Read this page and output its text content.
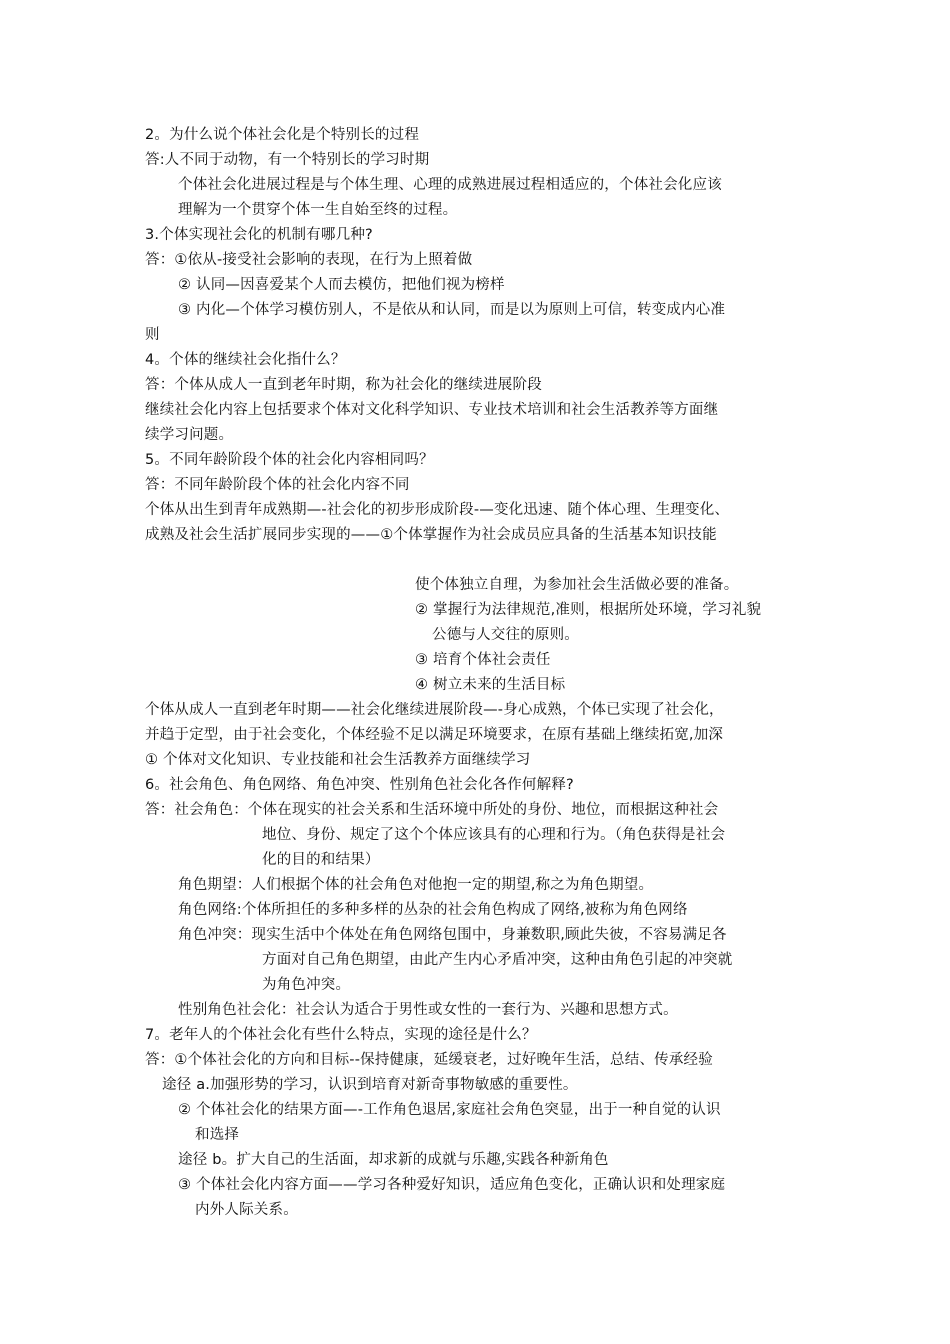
2。为什么说个体社会化是个特别长的过程
答:人不同于动物，有一个特别长的学习时期
个体社会化进展过程是与个体生理、心理的成熟进展过程相适应的，个体社会化应该
理解为一个贯穿个体一生自始至终的过程。
3.个体实现社会化的机制有哪几种?
答：①依从-接受社会影响的表现，在行为上照着做
② 认同—因喜爱某个人而去模仿，把他们视为榜样
③ 内化—个体学习模仿别人，不是依从和认同，而是以为原则上可信，转变成内心准
则
4。个体的继续社会化指什么？
答：个体从成人一直到老年时期，称为社会化的继续进展阶段
继续社会化内容上包括要求个体对文化科学知识、专业技术培训和社会生活教养等方面继
续学习问题。
5。不同年龄阶段个体的社会化内容相同吗？
答：不同年龄阶段个体的社会化内容不同
个体从出生到青年成熟期—-社会化的初步形成阶段-—变化迅速、随个体心理、生理变化、
成熟及社会生活扩展同步实现的——①个体掌握作为社会成员应具备的生活基本知识技能
使个体独立自理，为参加社会生活做必要的准备。
② 掌握行为法律规范,准则，根据所处环境，学习礼貌
公德与人交往的原则。
③ 培育个体社会责任
④ 树立未来的生活目标
个体从成人一直到老年时期——社会化继续进展阶段—-身心成熟，个体已实现了社会化，
并趋于定型，由于社会变化，个体经验不足以满足环境要求，在原有基础上继续拓宽,加深
① 个体对文化知识、专业技能和社会生活教养方面继续学习
6。社会角色、角色网络、角色冲突、性别角色社会化各作何解释?
答：社会角色：个体在现实的社会关系和生活环境中所处的身份、地位，而根据这种社会
地位、身份、规定了这个个体应该具有的心理和行为。（角色获得是社会
化的目的和结果）
角色期望：人们根据个体的社会角色对他抱一定的期望,称之为角色期望。
角色网络:个体所担任的多种多样的丛杂的社会角色构成了网络,被称为角色网络
角色冲突：现实生活中个体处在角色网络包围中，身兼数职,顾此失彼，不容易满足各
方面对自己角色期望，由此产生内心矛盾冲突，这种由角色引起的冲突就
为角色冲突。
性别角色社会化：社会认为适合于男性或女性的一套行为、兴趣和思想方式。
7。老年人的个体社会化有些什么特点，实现的途径是什么？
答：①个体社会化的方向和目标--保持健康，延缓衰老，过好晚年生活，总结、传承经验
途径 a.加强形势的学习，认识到培育对新奇事物敏感的重要性。
② 个体社会化的结果方面—-工作角色退居,家庭社会角色突显，出于一种自觉的认识
和选择
途径 b。扩大自己的生活面，却求新的成就与乐趣,实践各种新角色
③ 个体社会化内容方面——学习各种爱好知识，适应角色变化，正确认识和处理家庭
内外人际关系。
